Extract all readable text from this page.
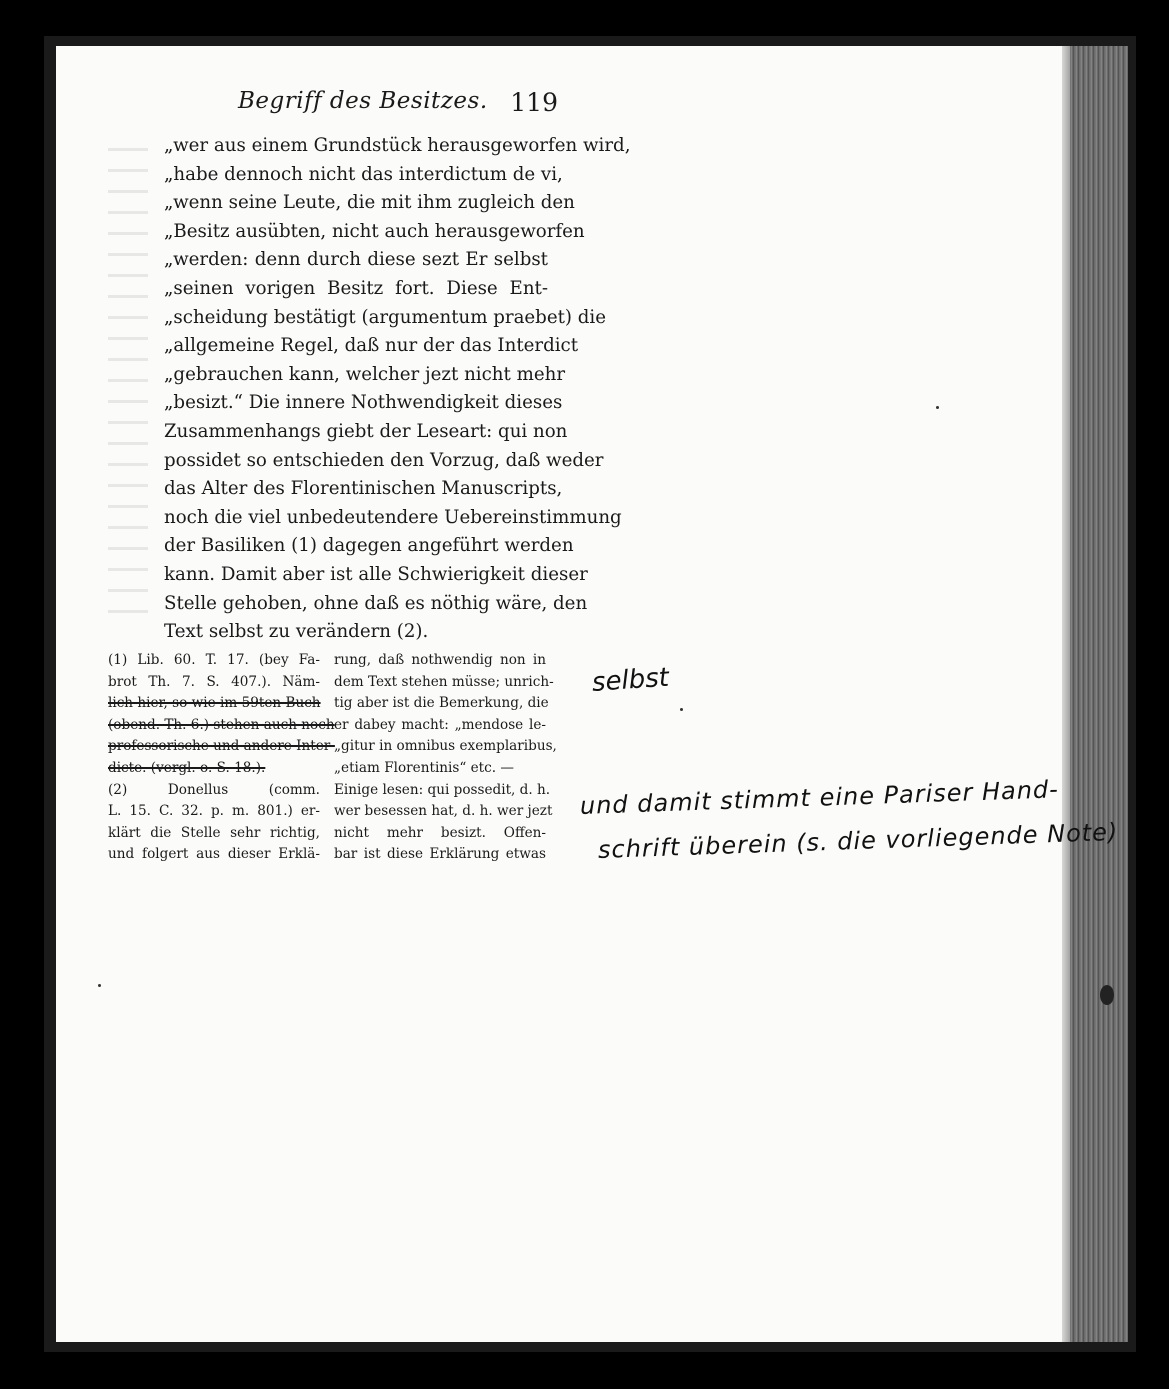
Begriff des Besitzes. 119
„wer aus einem Grundstück herausgeworfen wird,
„habe dennoch nicht das interdictum de vi,
„wenn seine Leute, die mit ihm zugleich den
„Besitz ausübten, nicht auch herausgeworfen
„werden: denn durch diese sezt Er selbst
„seinen vorigen Besitz fort. Diese Ent-
„scheidung bestätigt (argumentum praebet) die
„allgemeine Regel, daß nur der das Interdict
„gebrauchen kann, welcher jezt nicht mehr
„besizt.“ Die innere Nothwendigkeit dieses
Zusammenhangs giebt der Leseart: qui non
possidet so entschieden den Vorzug, daß weder
das Alter des Florentinischen Manuscripts,
noch die viel unbedeutendere Uebereinstimmung
der Basiliken (1) dagegen angeführt werden
kann. Damit aber ist alle Schwierigkeit dieser
Stelle gehoben, ohne daß es nöthig wäre, den
Text selbst zu verändern (2).
(1) Lib. 60. T. 17. (bey Fa-
brot Th. 7. S. 407.). Näm-
lich hier, so wie im 59ten Buch
(obend. Th. 6.) stehen auch noch
professorische und andere Inter-
dicte. (vergl. o. S. 18.).
(2) Donellus (comm.
L. 15. C. 32. p. m. 801.) er-
klärt die Stelle sehr richtig,
und folgert aus dieser Erklä-
rung, daß nothwendig non in
dem Text stehen müsse; unrich-
tig aber ist die Bemerkung, die
er dabey macht: „mendose le-
„gitur in omnibus exemplaribus,
„etiam Florentinis“ etc. —
Einige lesen: qui possedit, d. h.
wer besessen hat, d. h. wer jezt
nicht mehr besizt. Offen-
bar ist diese Erklärung etwas
selbst
und damit stimmt eine Pariser Hand-
schrift überein (s. die vorliegende Note)
